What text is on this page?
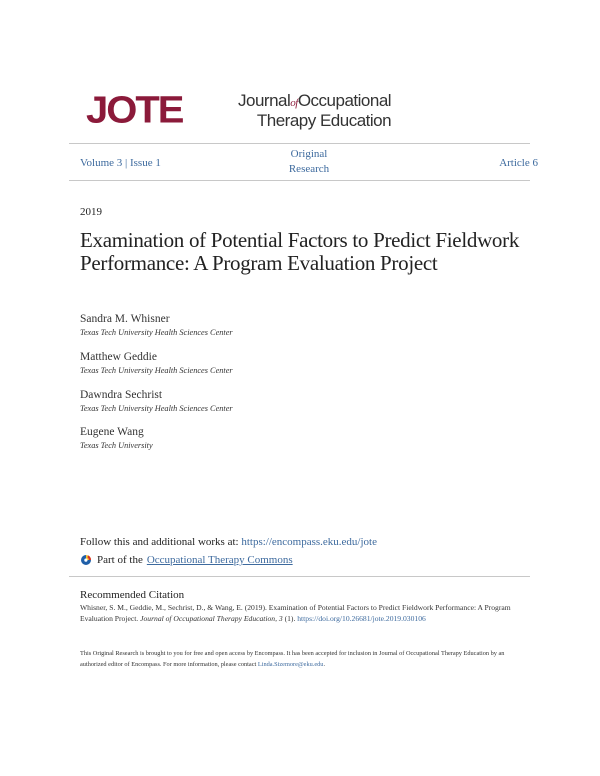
JOTE	JournalofOccupational
Therapy Education
Volume 3 | Issue 1
Original
Research	Article 6
2019
Examination of Potential Factors to Predict Fieldwork Performance: A Program Evaluation Project
Sandra M. Whisner
Texas Tech University Health Sciences Center
Matthew Geddie
Texas Tech University Health Sciences Center
Dawndra Sechrist
Texas Tech University Health Sciences Center
Eugene Wang
Texas Tech University
Follow this and additional works at: https://encompass.eku.edu/jote
Part of the Occupational Therapy Commons
Recommended Citation
Whisner, S. M., Geddie, M., Sechrist, D., & Wang, E. (2019). Examination of Potential Factors to Predict Fieldwork Performance: A Program Evaluation Project. Journal of Occupational Therapy Education, 3 (1). https://doi.org/10.26681/jote.2019.030106
This Original Research is brought to you for free and open access by Encompass. It has been accepted for inclusion in Journal of Occupational Therapy Education by an authorized editor of Encompass. For more information, please contact Linda.Sizemore@eku.edu.
